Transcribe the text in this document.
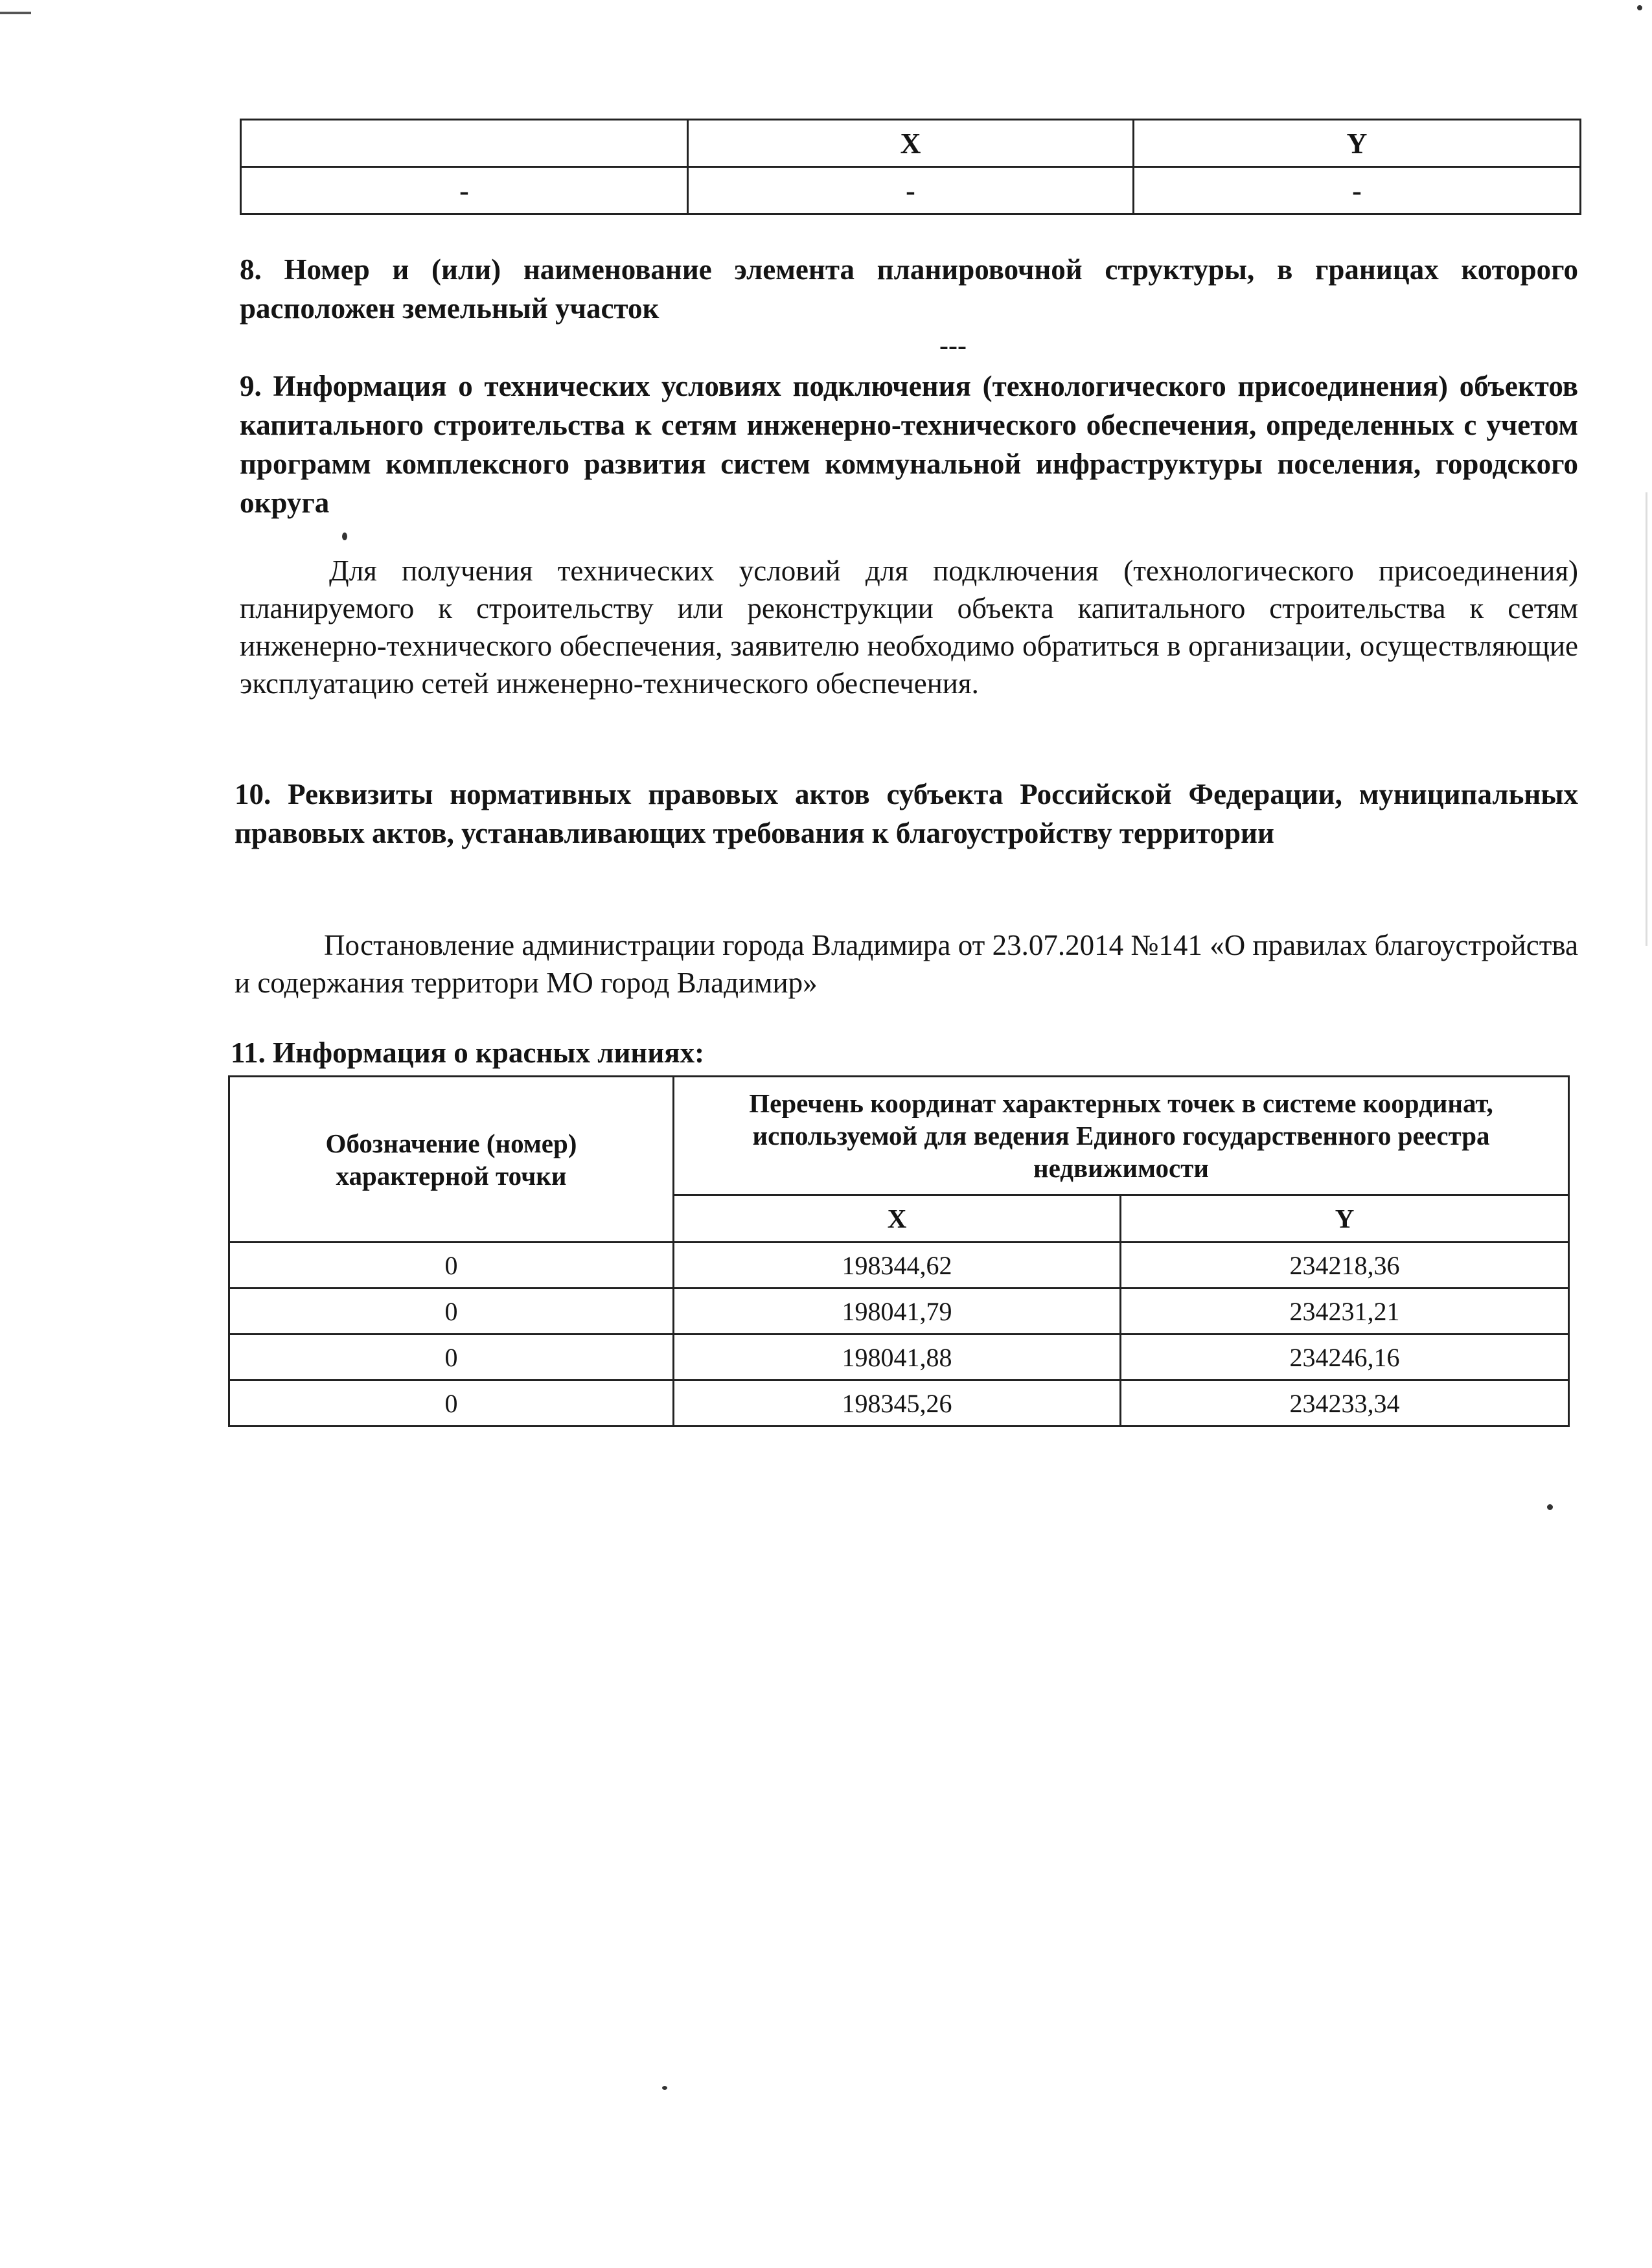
	X	Y
-	-	-
8. Номер и (или) наименование элемента планировочной структуры, в границах которого расположен земельный участок
---
9. Информация о технических условиях подключения (технологического присоединения) объектов капитального строительства к сетям инженерно-технического обеспечения, определенных с учетом программ комплексного развития систем коммунальной инфраструктуры поселения, городского округа
Для получения технических условий для подключения (технологического присоединения) планируемого к строительству или реконструкции объекта капитального строительства к сетям инженерно-технического обеспечения, заявителю необходимо обратиться в организации, осуществляющие эксплуатацию сетей инженерно-технического обеспечения.
10. Реквизиты нормативных правовых актов субъекта Российской Федерации, муниципальных правовых актов, устанавливающих требования к благоустройству территории
Постановление администрации города Владимира от 23.07.2014 №141 «О правилах благоустройства и содержания территори МО город Владимир»
11. Информация о красных линиях:
Обозначение (номер) характерной точки	Перечень координат характерных точек в системе координат, используемой для ведения Единого государственного реестра недвижимости	
	X	Y
0	198344,62	234218,36
0	198041,79	234231,21
0	198041,88	234246,16
0	198345,26	234233,34
